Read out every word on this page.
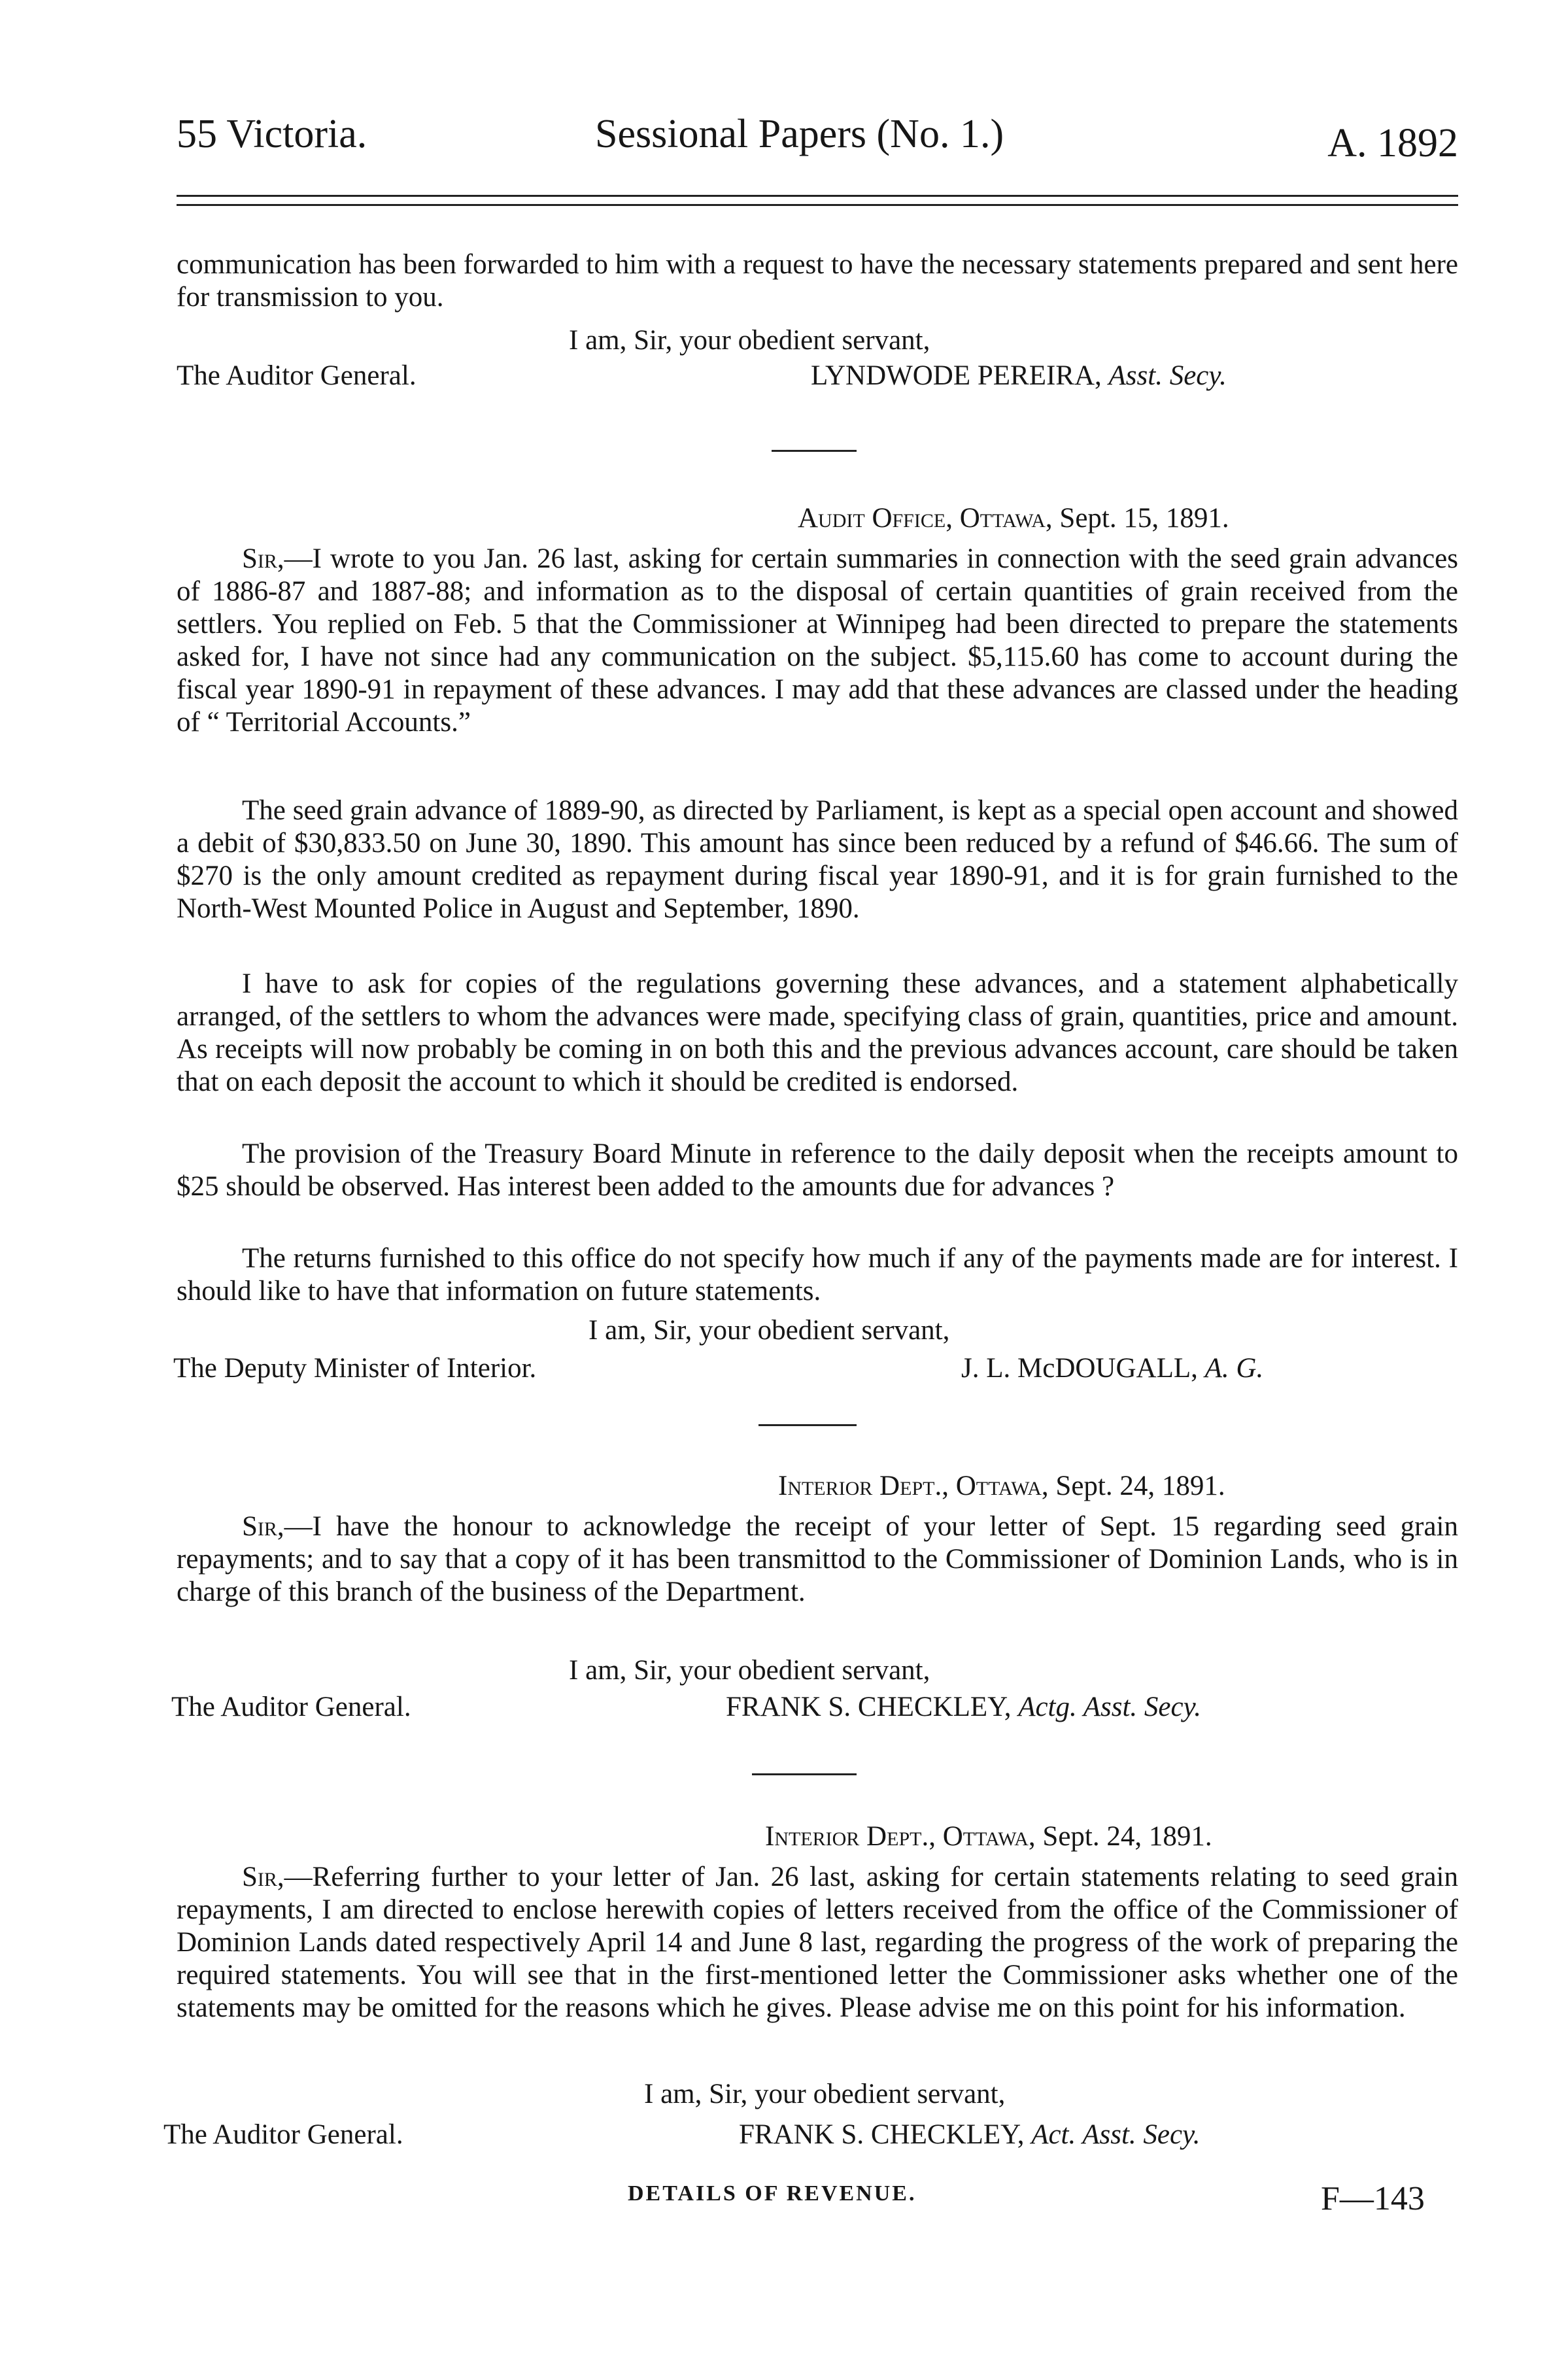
55 Victoria.	Sessional Papers (No. 1.)	A. 1892
communication has been forwarded to him with a request to have the necessary statements prepared and sent here for transmission to you.
I am, Sir, your obedient servant,
The Auditor General.	LYNDWODE PEREIRA, Asst. Secy.
Audit Office, Ottawa, Sept. 15, 1891.
Sir,—I wrote to you Jan. 26 last, asking for certain summaries in connection with the seed grain advances of 1886-87 and 1887-88; and information as to the disposal of certain quantities of grain received from the settlers. You replied on Feb. 5 that the Commissioner at Winnipeg had been directed to prepare the statements asked for, I have not since had any communication on the subject. $5,115.60 has come to account during the fiscal year 1890-91 in repayment of these advances. I may add that these advances are classed under the heading of “ Territorial Accounts.”
The seed grain advance of 1889-90, as directed by Parliament, is kept as a special open account and showed a debit of $30,833.50 on June 30, 1890. This amount has since been reduced by a refund of $46.66. The sum of $270 is the only amount credited as repayment during fiscal year 1890-91, and it is for grain furnished to the North-West Mounted Police in August and September, 1890.
I have to ask for copies of the regulations governing these advances, and a statement alphabetically arranged, of the settlers to whom the advances were made, specifying class of grain, quantities, price and amount. As receipts will now probably be coming in on both this and the previous advances account, care should be taken that on each deposit the account to which it should be credited is endorsed.
The provision of the Treasury Board Minute in reference to the daily deposit when the receipts amount to $25 should be observed. Has interest been added to the amounts due for advances ?
The returns furnished to this office do not specify how much if any of the payments made are for interest. I should like to have that information on future statements.
I am, Sir, your obedient servant,
The Deputy Minister of Interior.	J. L. McDOUGALL, A. G.
Interior Dept., Ottawa, Sept. 24, 1891.
Sir,—I have the honour to acknowledge the receipt of your letter of Sept. 15 regarding seed grain repayments; and to say that a copy of it has been transmittod to the Commissioner of Dominion Lands, who is in charge of this branch of the business of the Department.
I am, Sir, your obedient servant,
The Auditor General.	FRANK S. CHECKLEY, Actg. Asst. Secy.
Interior Dept., Ottawa, Sept. 24, 1891.
Sir,—Referring further to your letter of Jan. 26 last, asking for certain statements relating to seed grain repayments, I am directed to enclose herewith copies of letters received from the office of the Commissioner of Dominion Lands dated respectively April 14 and June 8 last, regarding the progress of the work of preparing the required statements. You will see that in the first-mentioned letter the Commissioner asks whether one of the statements may be omitted for the reasons which he gives. Please advise me on this point for his information.
I am, Sir, your obedient servant,
The Auditor General.	FRANK S. CHECKLEY, Act. Asst. Secy.
DETAILS OF REVENUE.	F—143
